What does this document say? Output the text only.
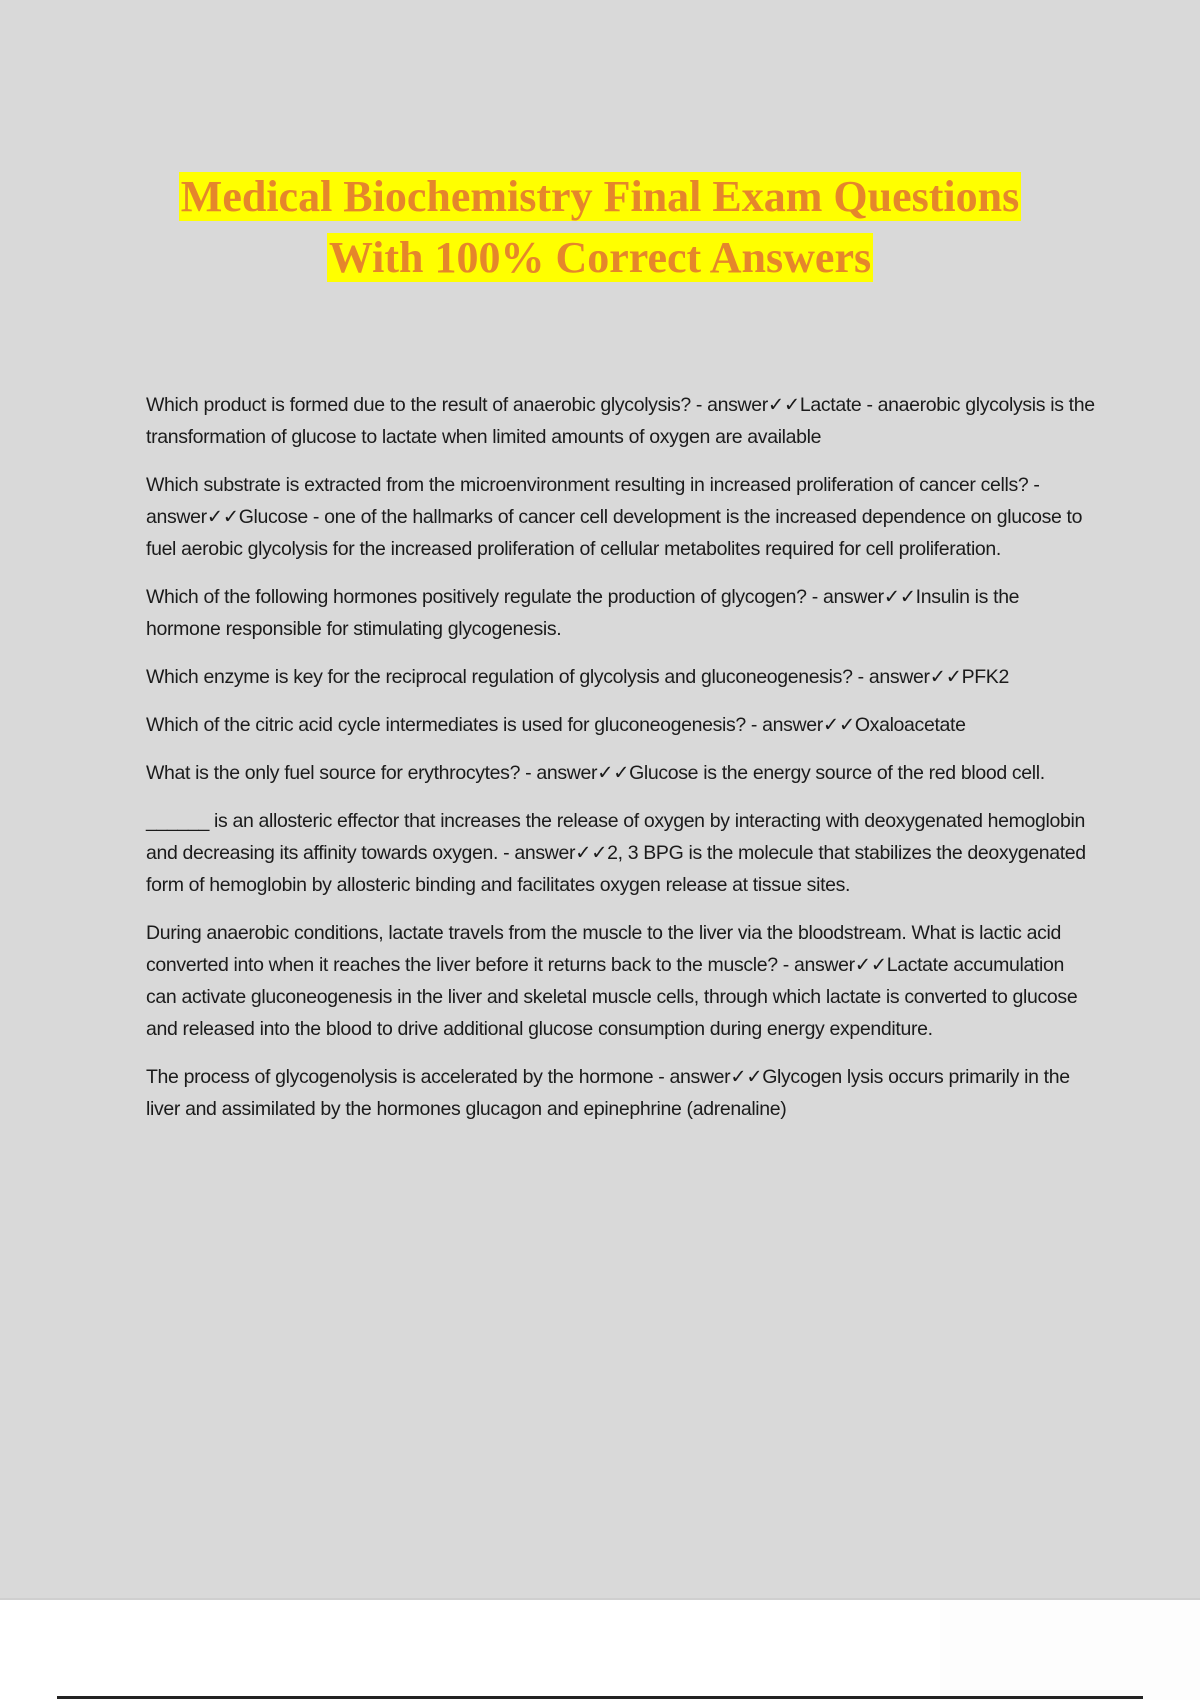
Medical Biochemistry Final Exam Questions
With 100% Correct Answers

Which product is formed due to the result of anaerobic glycolysis? - answer✓✓Lactate - anaerobic glycolysis is the transformation of glucose to lactate when limited amounts of oxygen are available

Which substrate is extracted from the microenvironment resulting in increased proliferation of cancer cells? - answer✓✓Glucose - one of the hallmarks of cancer cell development is the increased dependence on glucose to fuel aerobic glycolysis for the increased proliferation of cellular metabolites required for cell proliferation.

Which of the following hormones positively regulate the production of glycogen? - answer✓✓Insulin is the hormone responsible for stimulating glycogenesis.

Which enzyme is key for the reciprocal regulation of glycolysis and gluconeogenesis? - answer✓✓PFK2

Which of the citric acid cycle intermediates is used for gluconeogenesis? - answer✓✓Oxaloacetate

What is the only fuel source for erythrocytes? - answer✓✓Glucose is the energy source of the red blood cell.

______ is an allosteric effector that increases the release of oxygen by interacting with deoxygenated hemoglobin and decreasing its affinity towards oxygen. - answer✓✓2, 3 BPG is the molecule that stabilizes the deoxygenated form of hemoglobin by allosteric binding and facilitates oxygen release at tissue sites.

During anaerobic conditions, lactate travels from the muscle to the liver via the bloodstream. What is lactic acid converted into when it reaches the liver before it returns back to the muscle? - answer✓✓Lactate accumulation can activate gluconeogenesis in the liver and skeletal muscle cells, through which lactate is converted to glucose and released into the blood to drive additional glucose consumption during energy expenditure.

The process of glycogenolysis is accelerated by the hormone - answer✓✓Glycogen lysis occurs primarily in the liver and assimilated by the hormones glucagon and epinephrine (adrenaline)
